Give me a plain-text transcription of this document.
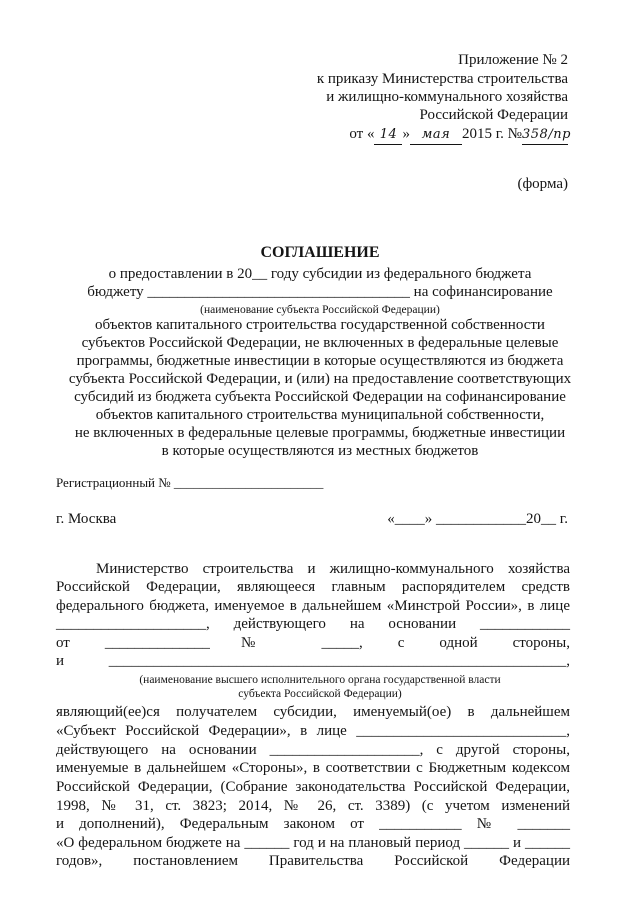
Приложение № 2
к приказу Министерства строительства
и жилищно-коммунального хозяйства
Российской Федерации
от « 14 » мая 2015 г. №358/пр
(форма)
СОГЛАШЕНИЕ
о предоставлении в 20__ году субсидии из федерального бюджета
бюджету ___________________________________ на софинансирование
(наименование субъекта Российской Федерации)
объектов капитального строительства государственной собственности
субъектов Российской Федерации, не включенных в федеральные целевые
программы, бюджетные инвестиции в которые осуществляются из бюджета
субъекта Российской Федерации, и (или) на предоставление соответствующих
субсидий из бюджета субъекта Российской Федерации на софинансирование
объектов капитального строительства муниципальной собственности,
не включенных в федеральные целевые программы, бюджетные инвестиции
в которые осуществляются из местных бюджетов
Регистрационный № _______________________
г. Москва	«____» ____________20__ г.
Министерство строительства и жилищно-коммунального хозяйства
Российской Федерации, являющееся главным распорядителем средств
федерального бюджета, именуемое в дальнейшем «Минстрой России», в лице
____________________, действующего на основании ____________
от ______________№ _____, с одной стороны,
и _____________________________________________________________,
(наименование высшего исполнительного органа государственной власти
субъекта Российской Федерации)
являющий(ее)ся получателем субсидии, именуемый(ое) в дальнейшем
«Субъект Российской Федерации», в лице ____________________________,
действующего на основании ____________________, с другой стороны,
именуемые в дальнейшем «Стороны», в соответствии с Бюджетным кодексом
Российской Федерации, (Собрание законодательства Российской Федерации,
1998, № 31, ст. 3823; 2014, № 26, ст. 3389) (с учетом изменений
и дополнений), Федеральным законом от ___________ № _______
«О федеральном бюджете на ______ год и на плановый период ______ и ______
годов», постановлением Правительства Российской Федерации
